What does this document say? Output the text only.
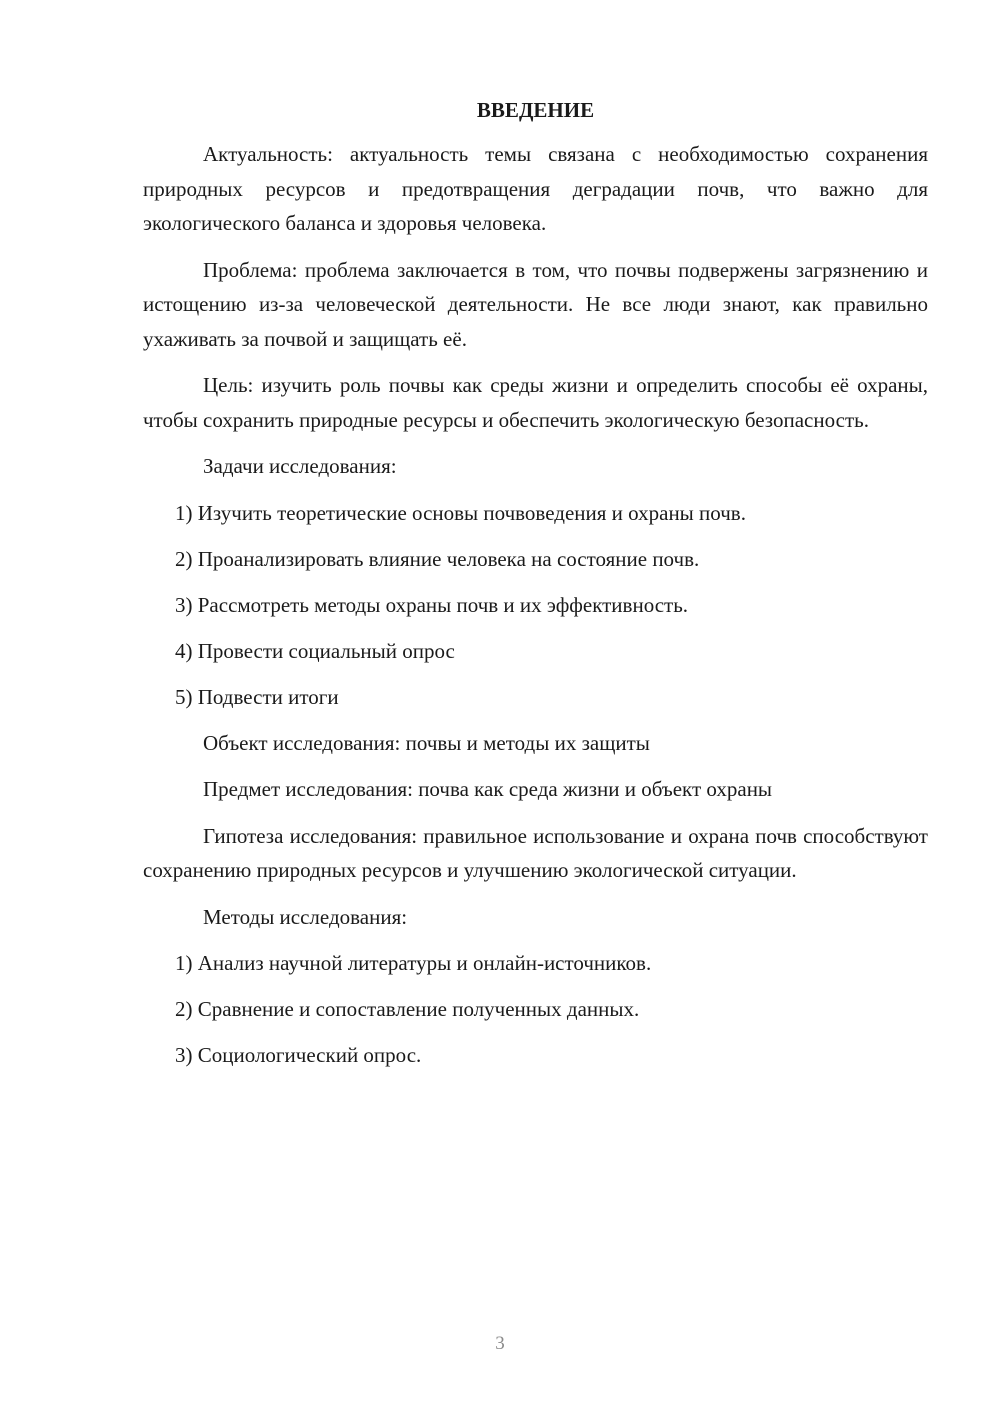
ВВЕДЕНИЕ

Актуальность: актуальность темы связана с необходимостью сохранения природных ресурсов и предотвращения деградации почв, что важно для экологического баланса и здоровья человека.

Проблема: проблема заключается в том, что почвы подвержены загрязнению и истощению из-за человеческой деятельности. Не все люди знают, как правильно ухаживать за почвой и защищать её.

Цель: изучить роль почвы как среды жизни и определить способы её охраны, чтобы сохранить природные ресурсы и обеспечить экологическую безопасность.

Задачи исследования:

1) Изучить теоретические основы почвоведения и охраны почв.
2) Проанализировать влияние человека на состояние почв.
3) Рассмотреть методы охраны почв и их эффективность.
4) Провести социальный опрос
5) Подвести итоги

Объект исследования: почвы и методы их защиты

Предмет исследования: почва как среда жизни и объект охраны

Гипотеза исследования: правильное использование и охрана почв способствуют сохранению природных ресурсов и улучшению экологической ситуации.

Методы исследования:

1) Анализ научной литературы и онлайн-источников.
2) Сравнение и сопоставление полученных данных.
3) Социологический опрос.
3
